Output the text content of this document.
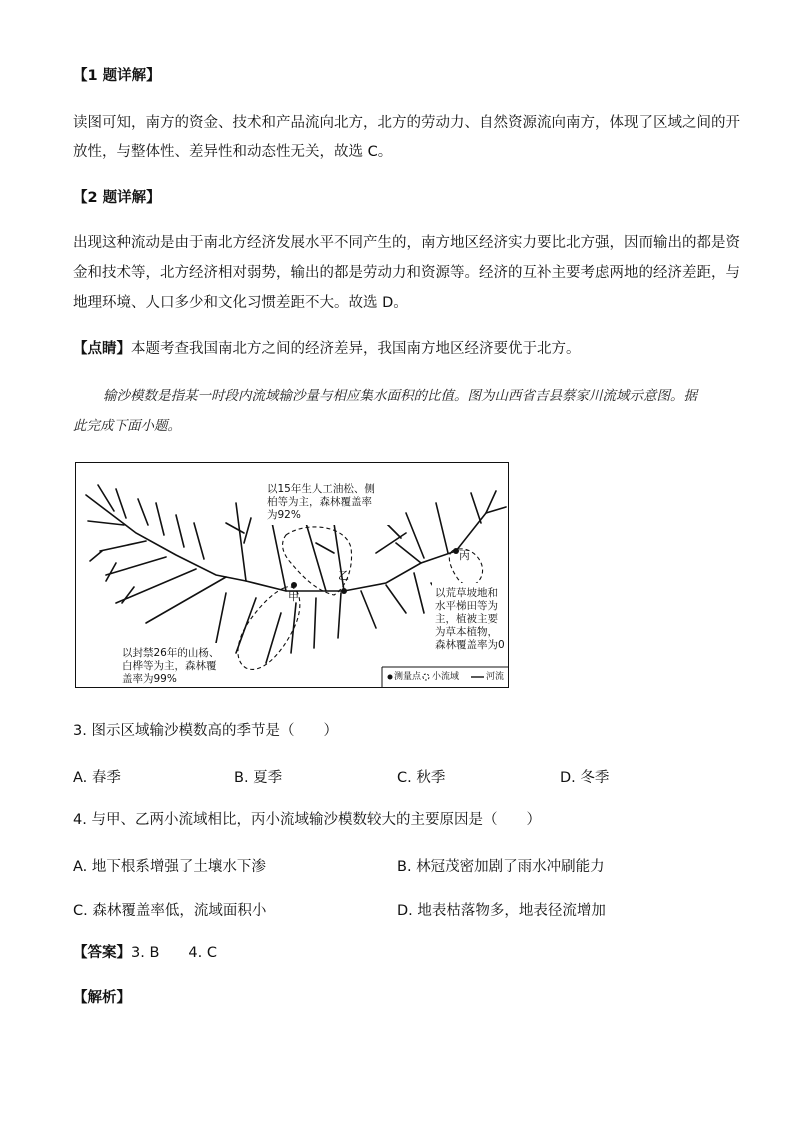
【1 题详解】

读图可知，南方的资金、技术和产品流向北方，北方的劳动力、自然资源流向南方，体现了区域之间的开

放性，与整体性、差异性和动态性无关，故选 C。

【2 题详解】

出现这种流动是由于南北方经济发展水平不同产生的，南方地区经济实力要比北方强，因而输出的都是资

金和技术等，北方经济相对弱势，输出的都是劳动力和资源等。经济的互补主要考虑两地的经济差距，与

地理环境、人口多少和文化习惯差距不大。故选 D。

【点睛】本题考查我国南北方之间的经济差异，我国南方地区经济要优于北方。

输沙模数是指某一时段内流域输沙量与相应集水面积的比值。图为山西省吉县蔡家川流域示意图。据
此完成下面小题。
以15年生人工油松、侧
柏等为主，森林覆盖率
为92%
以封禁26年的山杨、
白桦等为主，森林覆
盖率为99%
以荒草坡地和
水平梯田等为
主，植被主要
为草本植物，
森林覆盖率为0
甲
乙
丙
测量点 小流域	河流

3. 图示区域输沙模数高的季节是（　　）

A. 春季	B. 夏季	C. 秋季	D. 冬季

4. 与甲、乙两小流域相比，丙小流域输沙模数较大的主要原因是（　　）

A. 地下根系增强了土壤水下渗	B. 林冠茂密加剧了雨水冲刷能力
C. 森林覆盖率低，流域面积小	D. 地表枯落物多，地表径流增加

【答案】3. B　　4. C

【解析】
